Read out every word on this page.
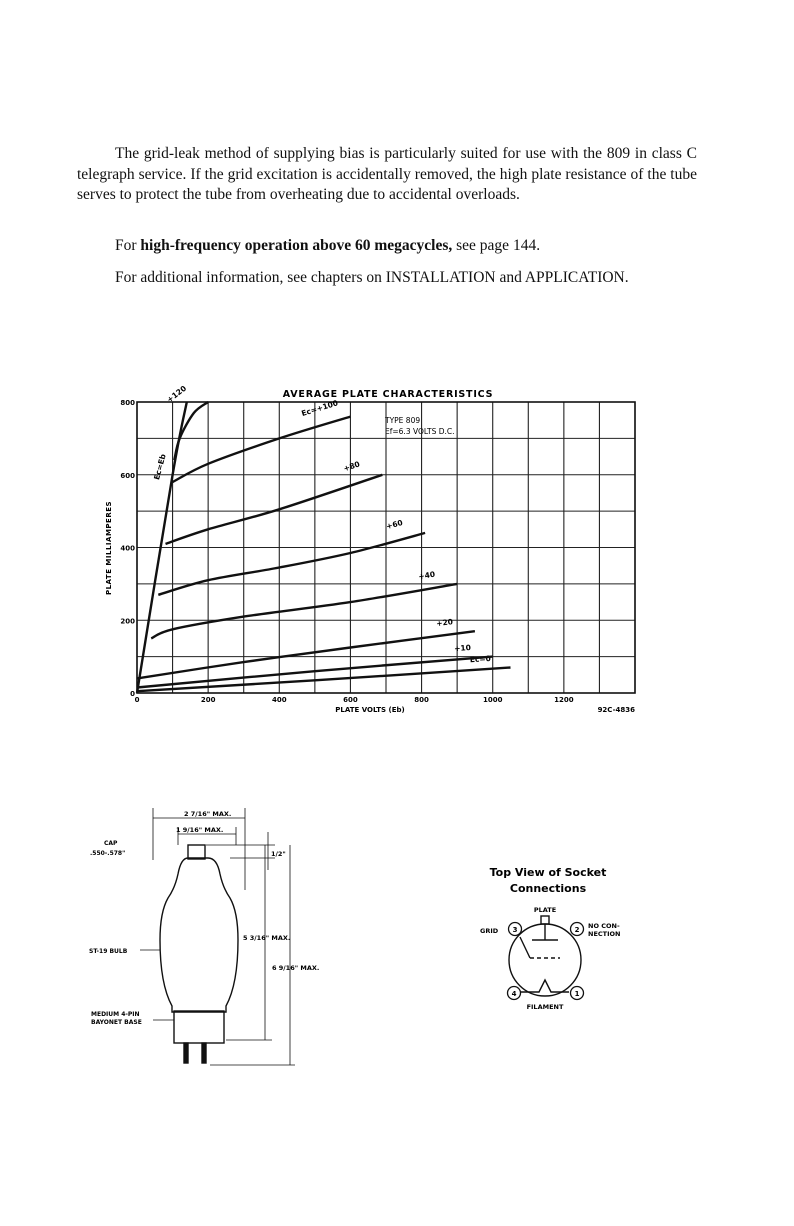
The grid-leak method of supplying bias is particularly suited for use with the 809 in class C telegraph service. If the grid excitation is accidentally removed, the high plate resistance of the tube serves to protect the tube from overheating due to accidental overloads.

For high-frequency operation above 60 megacycles, see page 144.

For additional information, see chapters on INSTALLATION and APPLICATION.

AVERAGE PLATE CHARACTERISTICS
TYPE 809
Ef=6.3 VOLTS D.C.
PLATE MILLIAMPERES
PLATE VOLTS (Eb)	92C-4836
0	200	400	600	800	1000	1200
0
200
400
600
800
Ec=0
+10
+20
+40
+60
+80
Ec=+100
+120
Ec=Eb
2 7/16" MAX.
1 9/16" MAX.
CAP
.550-.578"	1/2"
ST-19 BULB
5 3/16" MAX.
6 9/16" MAX.
MEDIUM 4-PIN
BAYONET BASE
Top View of Socket
Connections
PLATE
GRID
NO CON-
NECTION
FILAMENT
3	2
4	1
